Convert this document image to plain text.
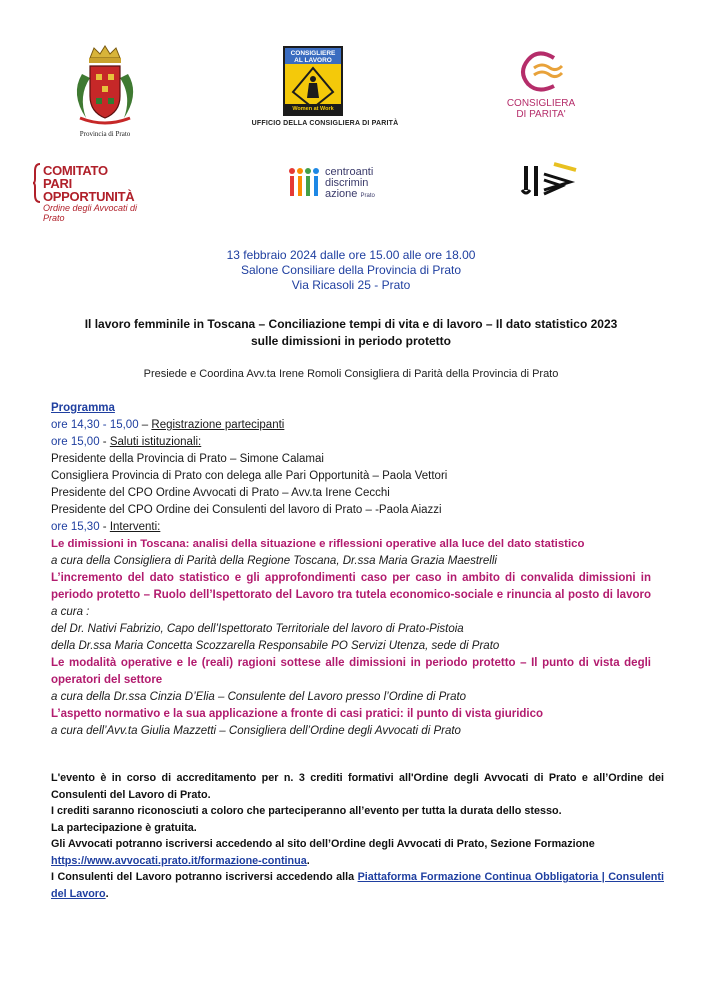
Provincia di Prato
CONSIGLIERE
AL LAVORO
Women at Work
UFFICIO DELLA CONSIGLIERA DI PARITÀ
CONSIGLIERA
DI PARITA'
COMITATO
PARI OPPORTUNITÀ
Ordine degli Avvocati di Prato
centroanti
discrimin
azione Prato
13 febbraio 2024 dalle ore 15.00 alle ore 18.00
Salone Consiliare della Provincia di Prato
Via Ricasoli 25 - Prato
Il lavoro femminile in Toscana – Conciliazione tempi di vita e di lavoro – Il dato statistico 2023
sulle dimissioni in periodo protetto
Presiede e Coordina Avv.ta Irene Romoli Consigliera di Parità della Provincia di Prato
Programma
ore 14,30 - 15,00 – Registrazione partecipanti
ore 15,00 - Saluti istituzionali:
Presidente della Provincia di Prato – Simone Calamai
Consigliera Provincia di Prato con delega alle Pari Opportunità – Paola Vettori
Presidente del CPO Ordine Avvocati di Prato – Avv.ta Irene Cecchi
Presidente del CPO Ordine dei Consulenti del lavoro di Prato – -Paola Aiazzi
ore 15,30 - Interventi:
Le dimissioni in Toscana: analisi della situazione e riflessioni operative alla luce del dato statistico
a cura della Consigliera di Parità della Regione Toscana, Dr.ssa Maria Grazia Maestrelli
L’incremento del dato statistico e gli approfondimenti caso per caso in ambito di convalida dimissioni in periodo protetto – Ruolo dell’Ispettorato del Lavoro tra tutela economico-sociale e rinuncia al posto di lavoro a cura :
del Dr. Nativi Fabrizio, Capo dell’Ispettorato Territoriale del lavoro di Prato-Pistoia
della Dr.ssa Maria Concetta Scozzarella Responsabile PO Servizi Utenza, sede di Prato
Le modalità operative e le (reali) ragioni sottese alle dimissioni in periodo protetto – Il punto di vista degli operatori del settore
a cura della Dr.ssa Cinzia D’Elia – Consulente del Lavoro presso l’Ordine di Prato
L’aspetto normativo e la sua applicazione a fronte di casi pratici: il punto di vista giuridico
a cura dell’Avv.ta Giulia Mazzetti – Consigliera dell’Ordine degli Avvocati di Prato
L'evento è in corso di accreditamento per n. 3 crediti formativi all'Ordine degli Avvocati di Prato e all’Ordine dei Consulenti del Lavoro di Prato.
I crediti saranno riconosciuti a coloro che parteciperanno all’evento per tutta la durata dello stesso.
La partecipazione è gratuita.
Gli Avvocati potranno iscriversi accedendo al sito dell’Ordine degli Avvocati di Prato, Sezione Formazione
https://www.avvocati.prato.it/formazione-continua.
I Consulenti del Lavoro potranno iscriversi accedendo alla Piattaforma Formazione Continua Obbligatoria | Consulenti del Lavoro.
